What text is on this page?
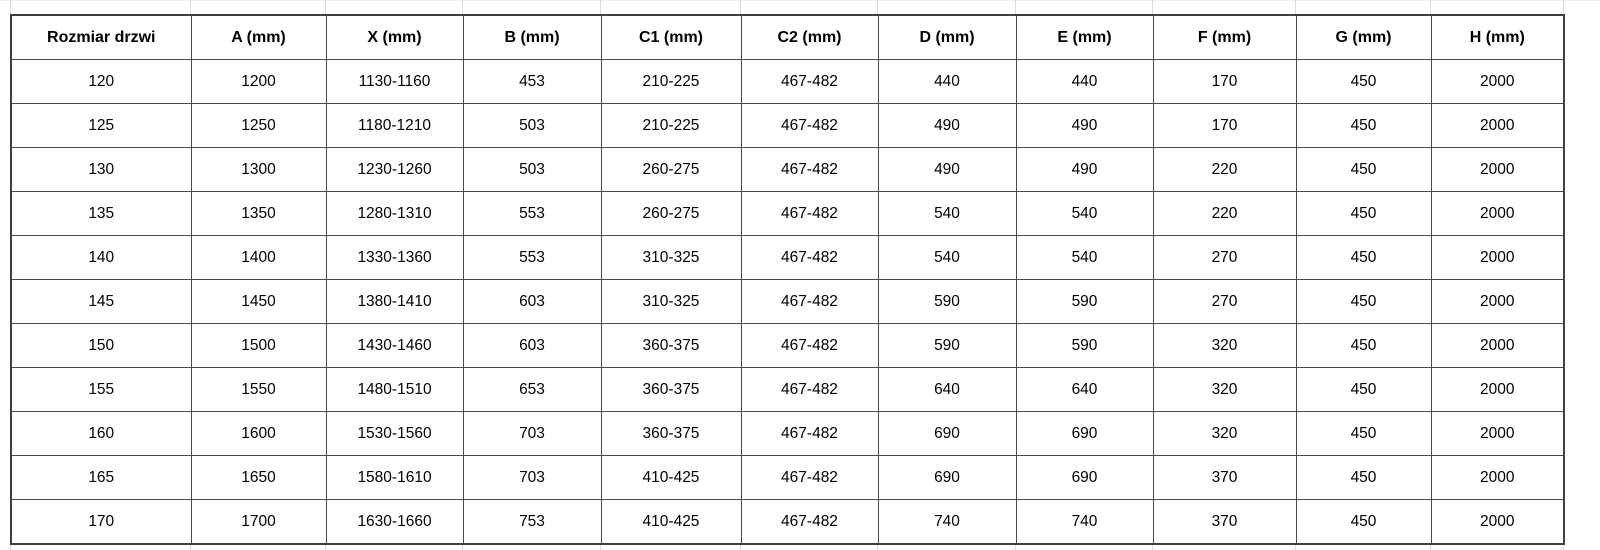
Rozmiar drzwi	A (mm)	X (mm)	B (mm)	C1 (mm)	C2 (mm)	D (mm)	E (mm)	F (mm)	G (mm)	H (mm)
120	1200	1130-1160	453	210-225	467-482	440	440	170	450	2000
125	1250	1180-1210	503	210-225	467-482	490	490	170	450	2000
130	1300	1230-1260	503	260-275	467-482	490	490	220	450	2000
135	1350	1280-1310	553	260-275	467-482	540	540	220	450	2000
140	1400	1330-1360	553	310-325	467-482	540	540	270	450	2000
145	1450	1380-1410	603	310-325	467-482	590	590	270	450	2000
150	1500	1430-1460	603	360-375	467-482	590	590	320	450	2000
155	1550	1480-1510	653	360-375	467-482	640	640	320	450	2000
160	1600	1530-1560	703	360-375	467-482	690	690	320	450	2000
165	1650	1580-1610	703	410-425	467-482	690	690	370	450	2000
170	1700	1630-1660	753	410-425	467-482	740	740	370	450	2000
